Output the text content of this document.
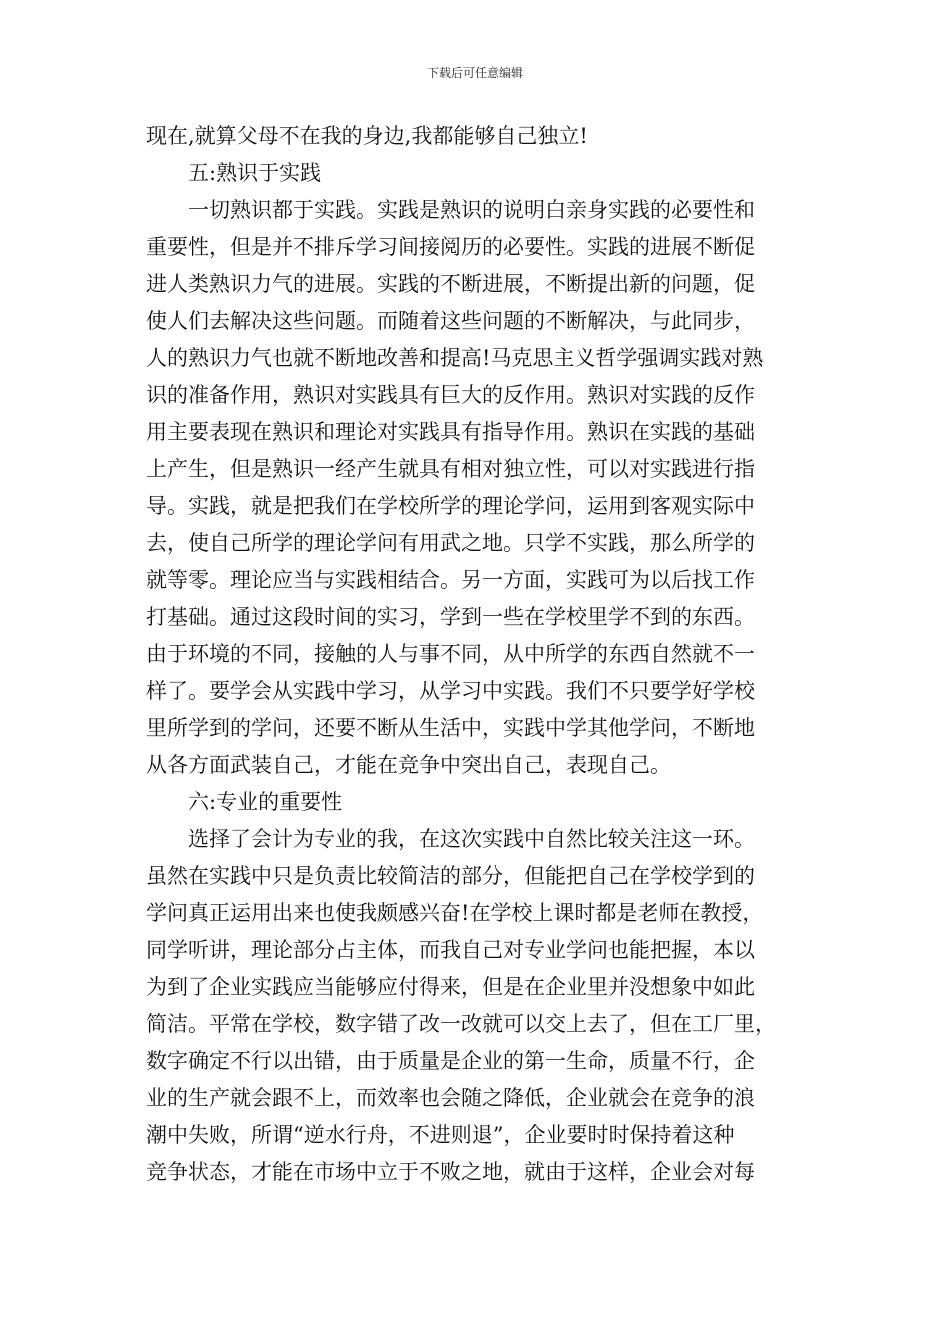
下载后可任意编辑
现在,就算父母不在我的身边,我都能够自己独立!
五:熟识于实践
一切熟识都于实践。实践是熟识的说明白亲身实践的必要性和
重要性，但是并不排斥学习间接阅历的必要性。实践的进展不断促
进人类熟识力气的进展。实践的不断进展，不断提出新的问题，促
使人们去解决这些问题。而随着这些问题的不断解决，与此同步，
人的熟识力气也就不断地改善和提高!马克思主义哲学强调实践对熟
识的准备作用，熟识对实践具有巨大的反作用。熟识对实践的反作
用主要表现在熟识和理论对实践具有指导作用。熟识在实践的基础
上产生，但是熟识一经产生就具有相对独立性，可以对实践进行指
导。实践，就是把我们在学校所学的理论学问，运用到客观实际中
去，使自己所学的理论学问有用武之地。只学不实践，那么所学的
就等零。理论应当与实践相结合。另一方面，实践可为以后找工作
打基础。通过这段时间的实习，学到一些在学校里学不到的东西。
由于环境的不同，接触的人与事不同，从中所学的东西自然就不一
样了。要学会从实践中学习，从学习中实践。我们不只要学好学校
里所学到的学问，还要不断从生活中，实践中学其他学问，不断地
从各方面武装自己，才能在竞争中突出自己，表现自己。
六:专业的重要性
选择了会计为专业的我，在这次实践中自然比较关注这一环。
虽然在实践中只是负责比较简洁的部分，但能把自己在学校学到的
学问真正运用出来也使我颇感兴奋!在学校上课时都是老师在教授，
同学听讲，理论部分占主体，而我自己对专业学问也能把握，本以
为到了企业实践应当能够应付得来，但是在企业里并没想象中如此
简洁。平常在学校，数字错了改一改就可以交上去了，但在工厂里，
数字确定不行以出错，由于质量是企业的第一生命，质量不行，企
业的生产就会跟不上，而效率也会随之降低，企业就会在竞争的浪
潮中失败，所谓“逆水行舟，不进则退”，企业要时时保持着这种
竞争状态，才能在市场中立于不败之地，就由于这样，企业会对每
